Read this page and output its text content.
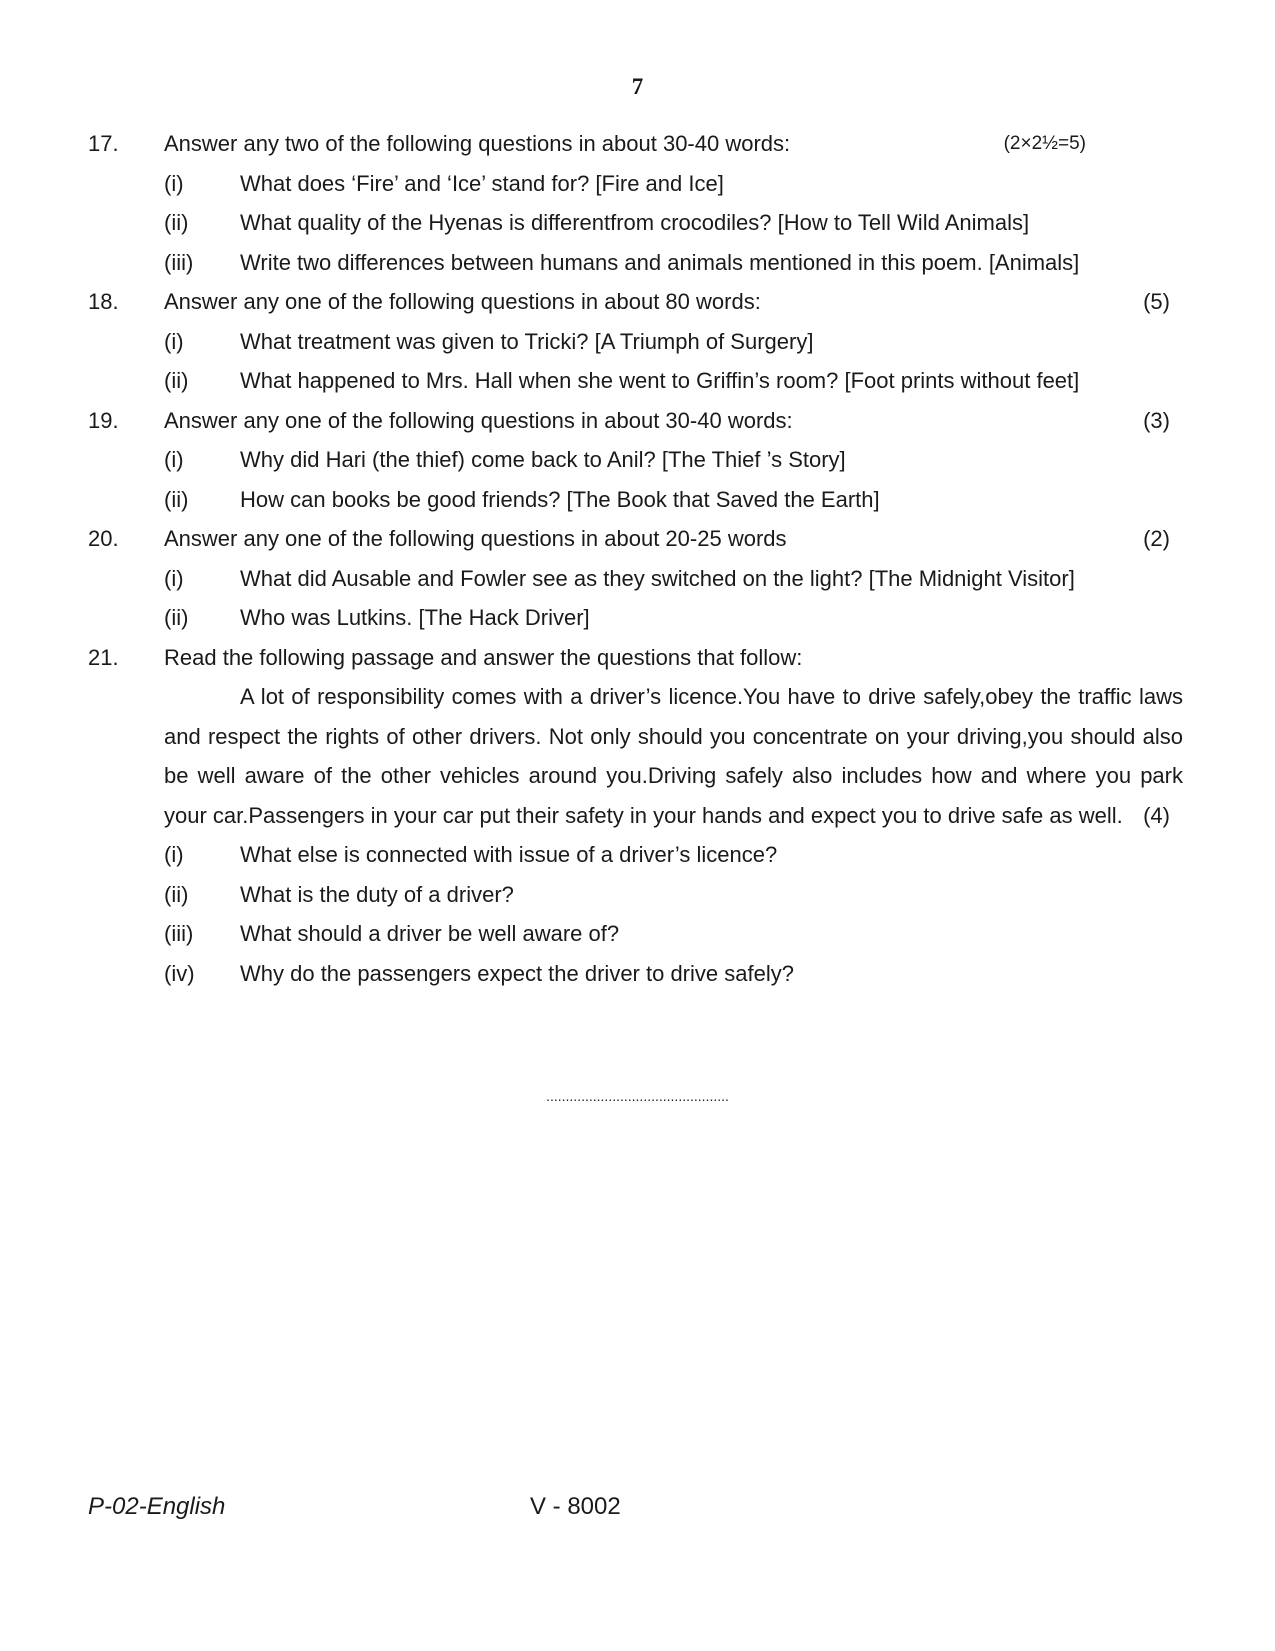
7
17. Answer any two of the following questions in about 30-40 words:	(2×2½=5)
(i)	What does ‘Fire’ and ‘Ice’ stand for? [Fire and Ice]
(ii) What quality of the Hyenas is differentfrom crocodiles? [How to Tell Wild Animals]
(iii) Write two differences between humans and animals mentioned in this poem. [Animals]
18. Answer any one of the following questions in about 80 words:	(5)
(i)	What treatment was given to Tricki? [A Triumph of Surgery]
(ii) What happened to Mrs. Hall when she went to Griffin’s room? [Foot prints without feet]
19. Answer any one of the following questions in about 30-40 words:	(3)
(i)	Why did Hari (the thief) come back to Anil? [The Thief ’s Story]
(ii) How can books be good friends? [The Book that Saved the Earth]
20. Answer any one of the following questions in about 20-25 words	(2)
(i)	What did Ausable and Fowler see as they switched on the light? [The Midnight Visitor]
(ii) Who was Lutkins. [The Hack Driver]
21. Read the following passage and answer the questions that follow:
A lot of responsibility comes with a driver’s licence.You have to drive safely,obey the traffic laws and respect the rights of other drivers. Not only should you concentrate on your driving,you should also be well aware of the other vehicles around you.Driving safely also includes how and where you park your car.Passengers in your car put their safety in your hands and expect you to drive safe as well. (4)
(i)	What else is connected with issue of a driver’s licence?
(ii) What is the duty of a driver?
(iii) What should a driver be well aware of?
(iv) Why do the passengers expect the driver to drive safely?
...............................................
P-02-English	V - 8002
